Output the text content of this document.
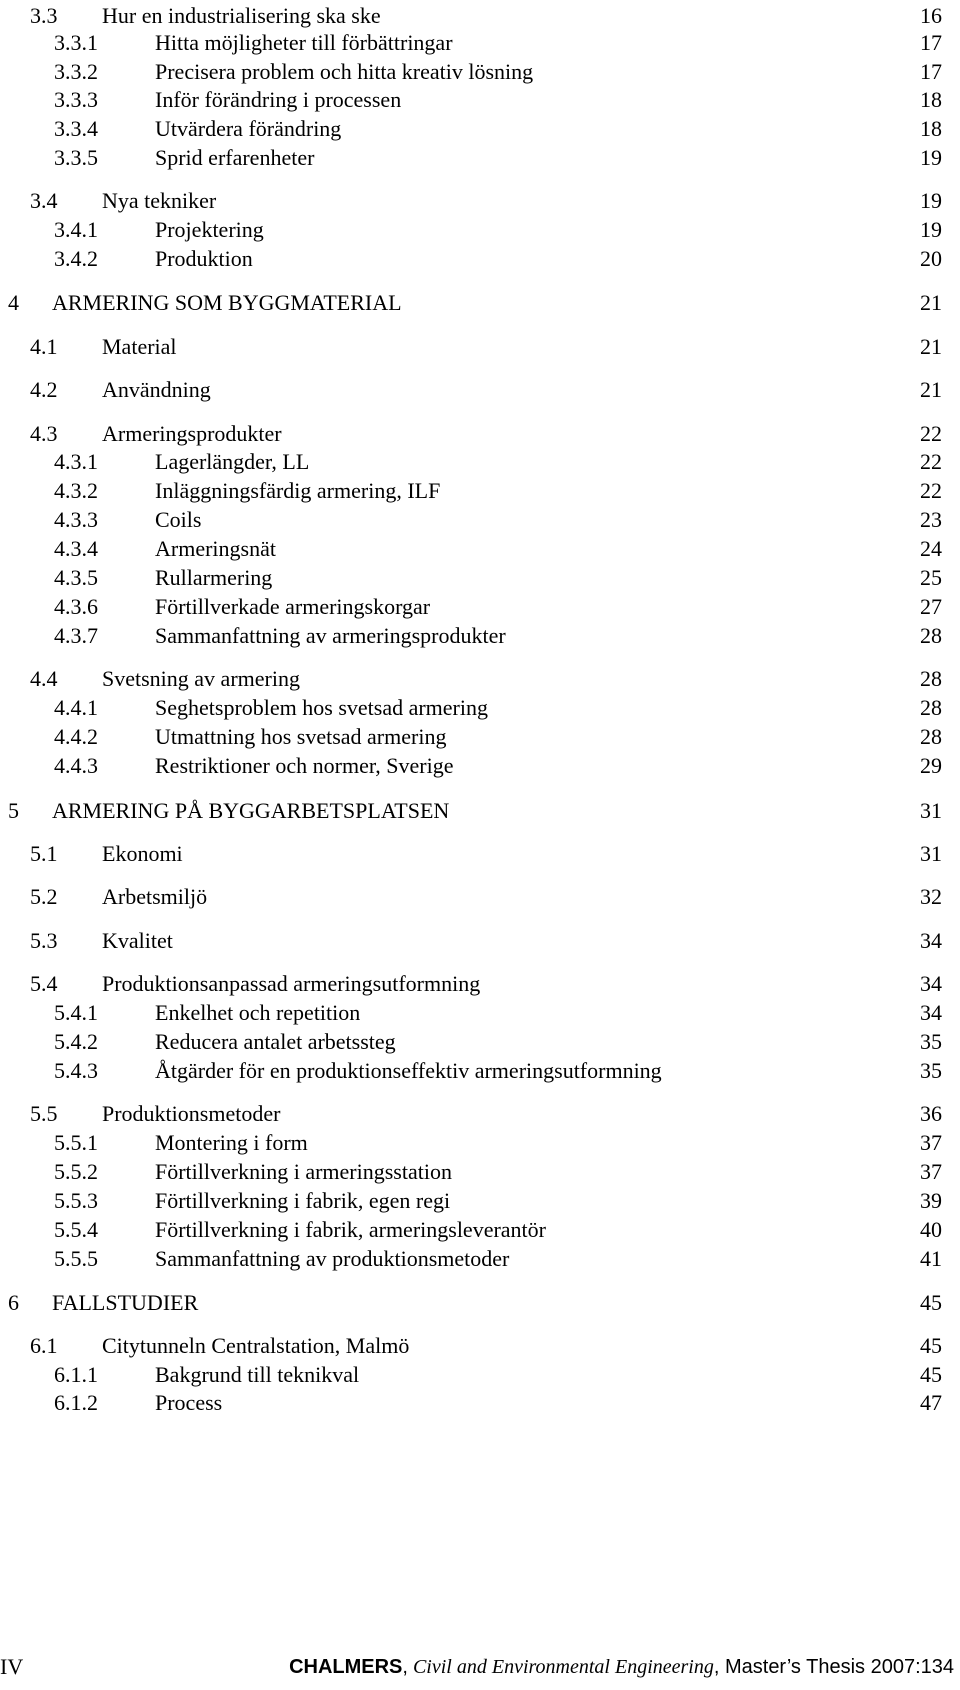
3.3 Hur en industrialisering ska ske	16
3.3.1	Hitta möjligheter till förbättringar	17
3.3.2	Precisera problem och hitta kreativ lösning	17
3.3.3	Inför förändring i processen	18
3.3.4	Utvärdera förändring	18
3.3.5	Sprid erfarenheter	19
3.4 Nya tekniker	19
3.4.1	Projektering	19
3.4.2	Produktion	20
4 ARMERING SOM BYGGMATERIAL	21
4.1 Material	21
4.2 Användning	21
4.3 Armeringsprodukter	22
4.3.1	Lagerlängder, LL	22
4.3.2	Inläggningsfärdig armering, ILF	22
4.3.3	Coils	23
4.3.4	Armeringsnät	24
4.3.5	Rullarmering	25
4.3.6	Förtillverkade armeringskorgar	27
4.3.7	Sammanfattning av armeringsprodukter	28
4.4 Svetsning av armering	28
4.4.1	Seghetsproblem hos svetsad armering	28
4.4.2	Utmattning hos svetsad armering	28
4.4.3	Restriktioner och normer, Sverige	29
5 ARMERING PÅ BYGGARBETSPLATSEN	31
5.1 Ekonomi	31
5.2 Arbetsmiljö	32
5.3 Kvalitet	34
5.4 Produktionsanpassad armeringsutformning	34
5.4.1	Enkelhet och repetition	34
5.4.2	Reducera antalet arbetssteg	35
5.4.3	Åtgärder för en produktionseffektiv armeringsutformning	35
5.5 Produktionsmetoder	36
5.5.1	Montering i form	37
5.5.2	Förtillverkning i armeringsstation	37
5.5.3	Förtillverkning i fabrik, egen regi	39
5.5.4	Förtillverkning i fabrik, armeringsleverantör	40
5.5.5	Sammanfattning av produktionsmetoder	41
6 FALLSTUDIER	45
6.1 Citytunneln Centralstation, Malmö	45
6.1.1	Bakgrund till teknikval	45
6.1.2	Process	47
IV	CHALMERS, Civil and Environmental Engineering, Master’s Thesis 2007:134
